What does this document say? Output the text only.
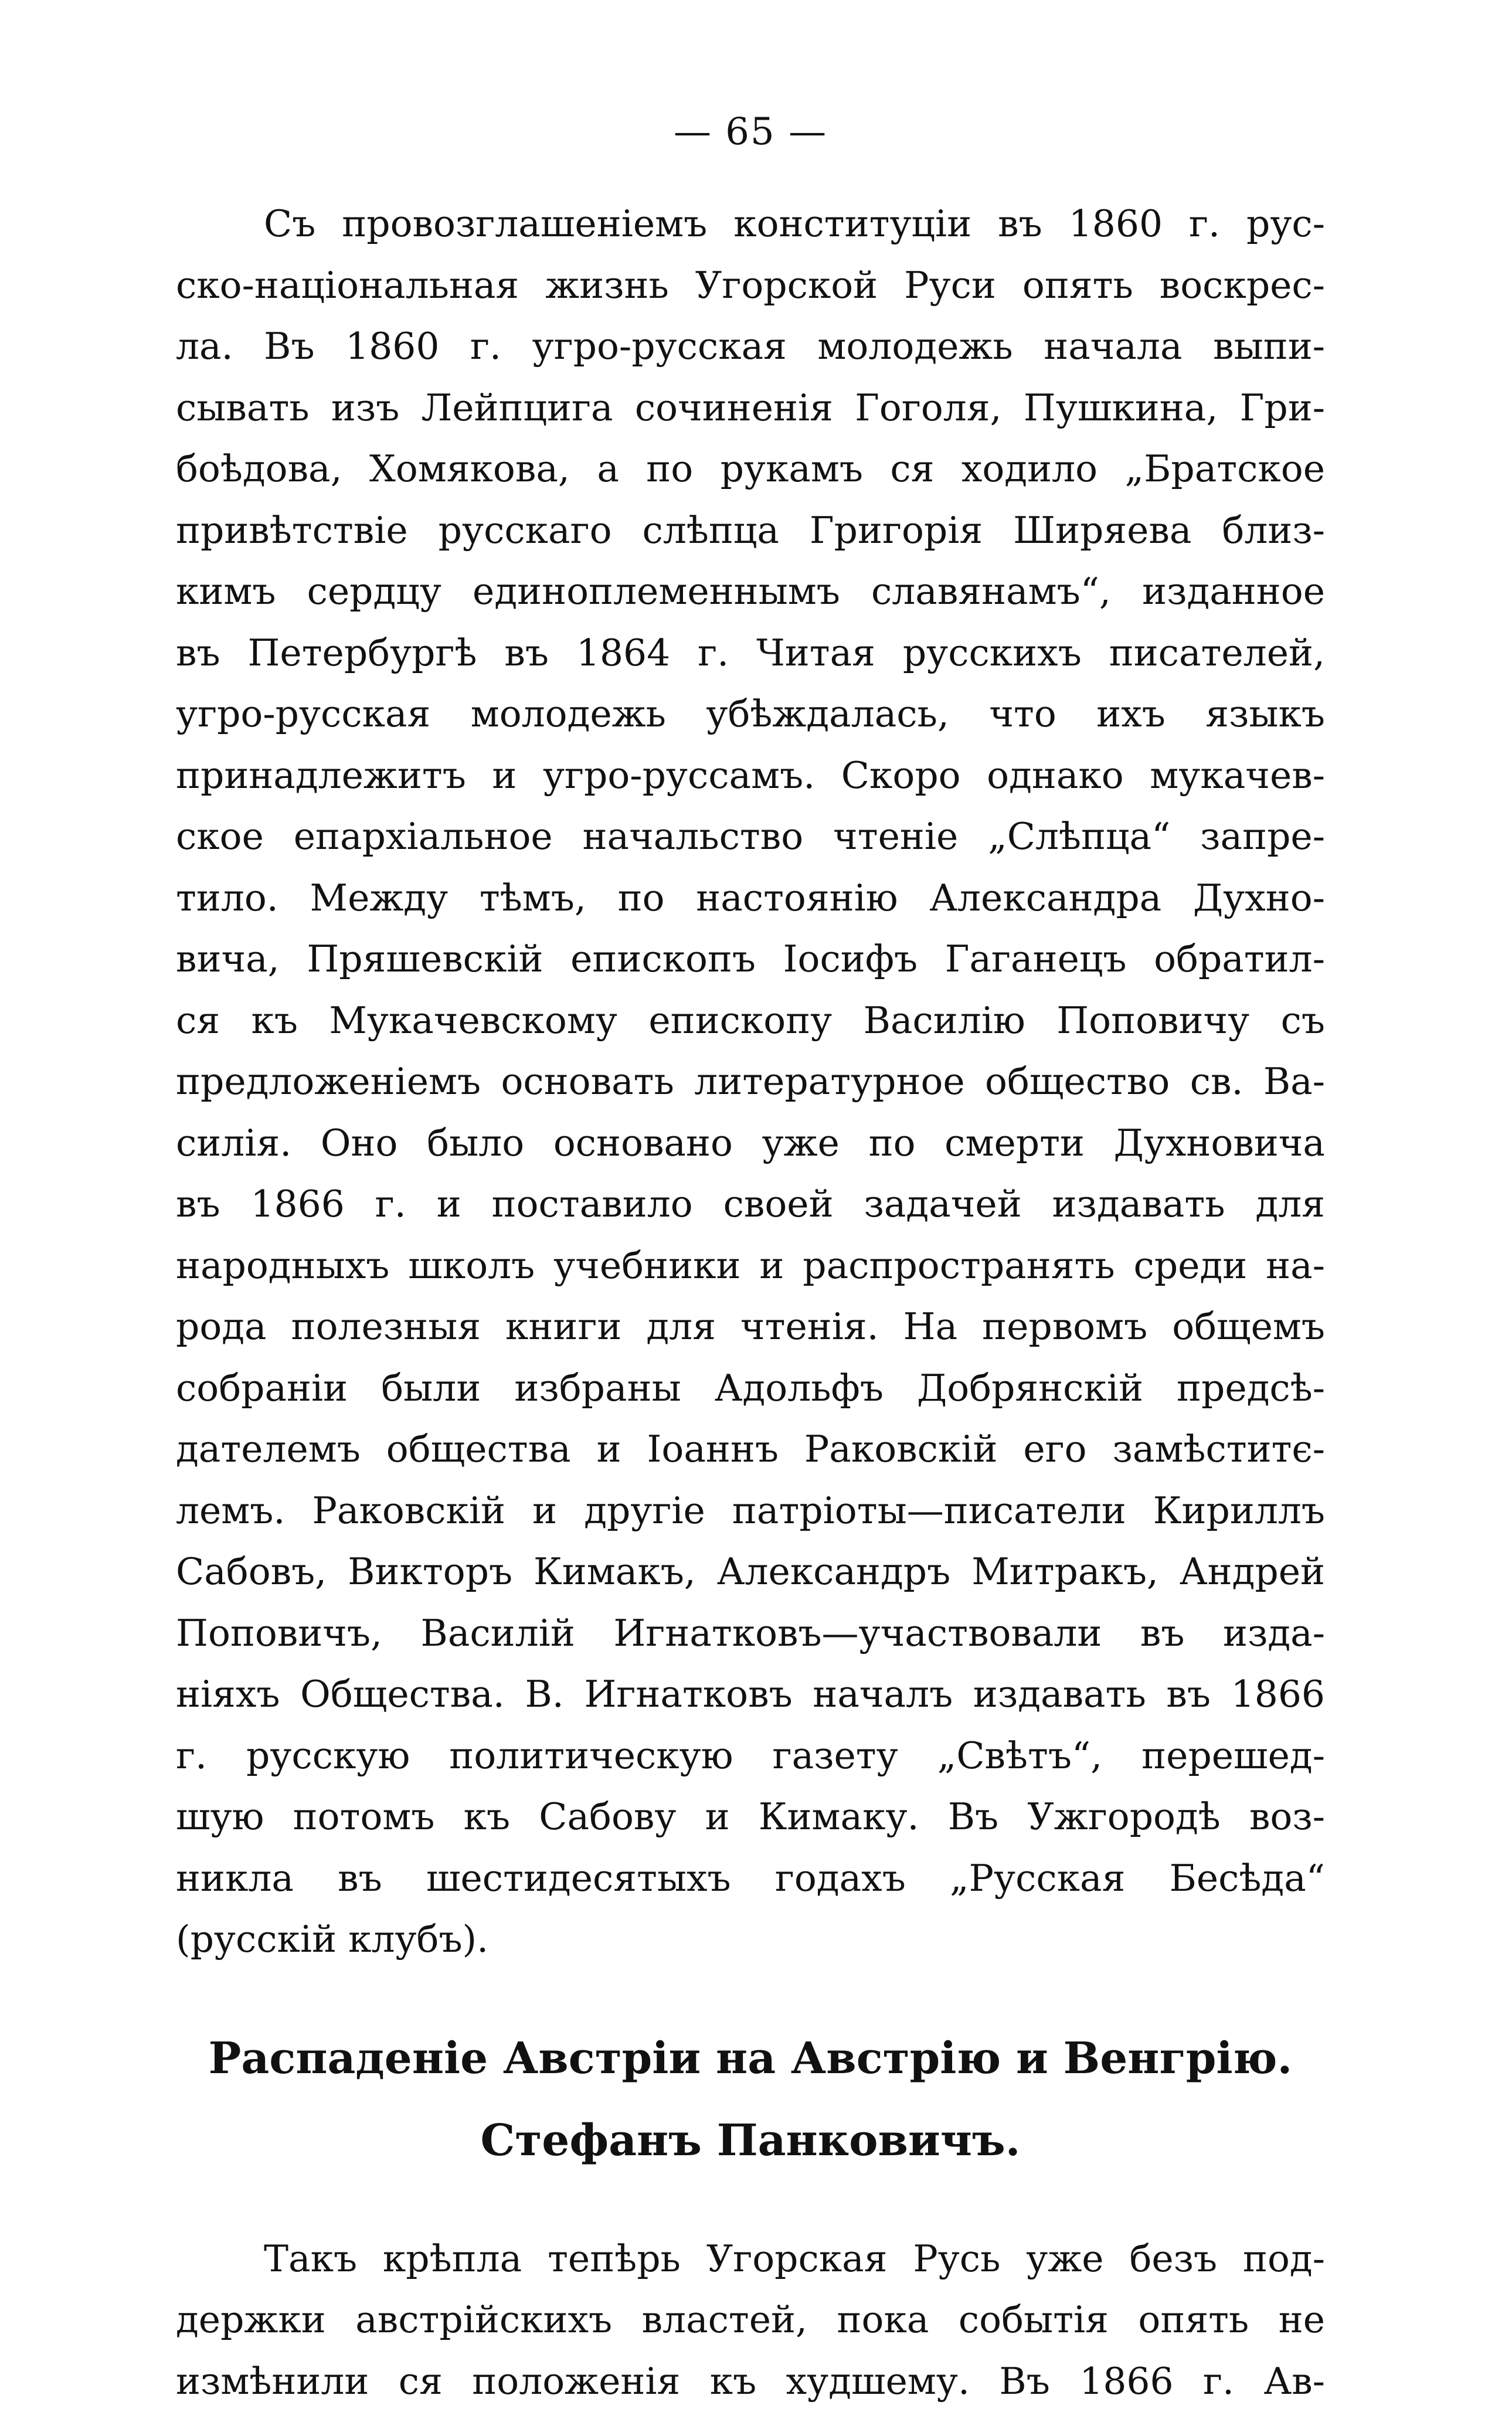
— 65 —
Съ провозглашеніемъ конституціи въ 1860 г. рус-
ско-національная жизнь Угорской Руси опять воскрес-
ла. Въ 1860 г. угро-русская молодежь начала выпи-
сывать изъ Лейпцига сочиненія Гоголя, Пушкина, Гри-
боѣдова, Хомякова, а по рукамъ ся ходило „Братское
привѣтствіе русскаго слѣпца Григорія Ширяева близ-
кимъ сердцу единоплеменнымъ славянамъ“, изданное
въ Петербургѣ въ 1864 г. Читая русскихъ писателей,
угро-русская молодежь убѣждалась, что ихъ языкъ
принадлежитъ и угро-руссамъ. Скоро однако мукачев-
ское епархіальное начальство чтеніе „Слѣпца“ запре-
тило. Между тѣмъ, по настоянію Александра Духно-
вича, Пряшевскій епископъ Іосифъ Гаганецъ обратил-
ся къ Мукачевскому епископу Василію Поповичу съ
предложеніемъ основать литературное общество св. Ва-
силія. Оно было основано уже по смерти Духновича
въ 1866 г. и поставило своей задачей издавать для
народныхъ школъ учебники и распространять среди на-
рода полезныя книги для чтенія. На первомъ общемъ
собраніи были избраны Адольфъ Добрянскій предсѣ-
дателемъ общества и Іоаннъ Раковскій его замѣститє-
лемъ. Раковскій и другіе патріоты—писатели Кириллъ
Сабовъ, Викторъ Кимакъ, Александръ Митракъ, Андрей
Поповичъ, Василій Игнатковъ—участвовали въ изда-
ніяхъ Общества. В. Игнатковъ началъ издавать въ 1866
г. русскую политическую газету „Свѣтъ“, перешед-
шую потомъ къ Сабову и Кимаку. Въ Ужгородѣ воз-
никла въ шестидесятыхъ годахъ „Русская Бесѣда“
(русскій клубъ).
Распаденіе Австріи на Австрію и Венгрію.
Стефанъ Панковичъ.
Такъ крѣпла тепѣрь Угорская Русь уже безъ под-
держки австрійскихъ властей, пока событія опять не
измѣнили ся положенія къ худшему. Въ 1866 г. Ав-
